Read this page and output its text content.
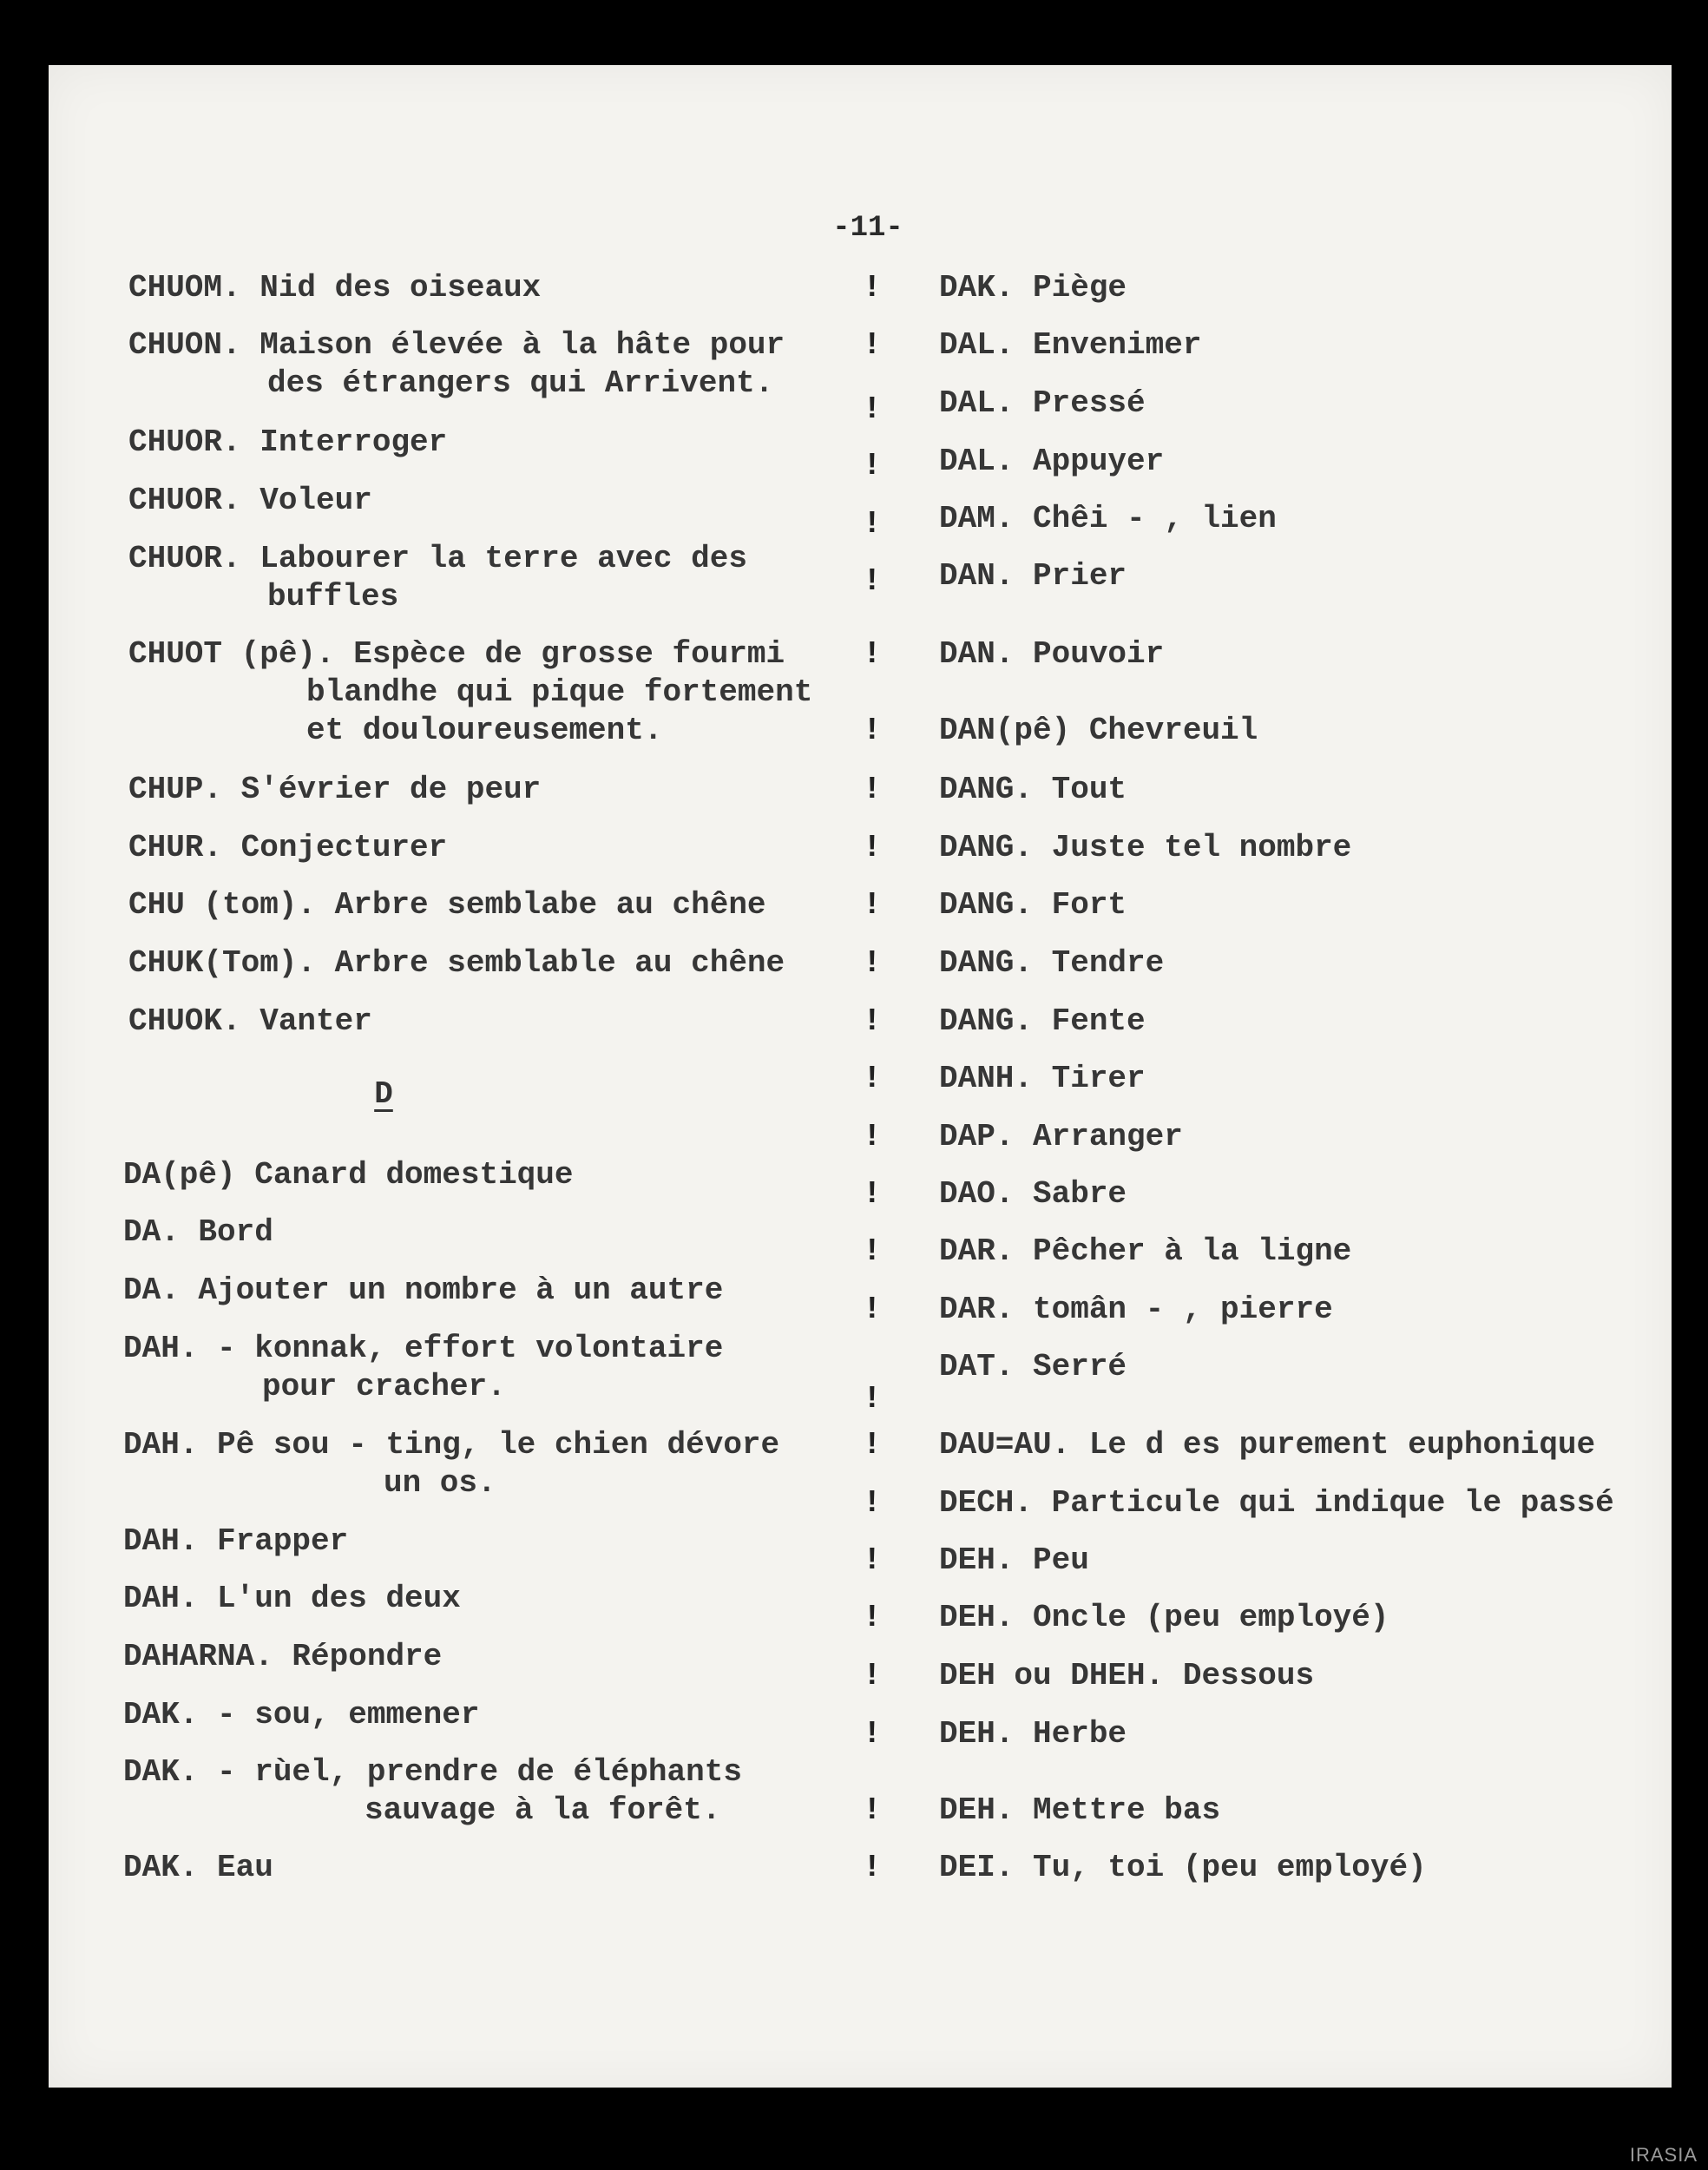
-11-
CHUOM. Nid des oiseaux
CHUON. Maison élevée à la hâte pour
des étrangers qui Arrivent.
CHUOR. Interroger
CHUOR. Voleur
CHUOR. Labourer la terre avec des
buffles
CHUOT (pê). Espèce de grosse fourmi
blandhe qui pique fortement
et douloureusement.
CHUP. S'évrier de peur
CHUR. Conjecturer
CHU (tom). Arbre semblabe au chêne
CHUK(Tom). Arbre semblable au chêne
CHUOK. Vanter
DA(pê) Canard domestique
DA. Bord
DA. Ajouter un nombre à un autre
DAH. - konnak, effort volontaire
pour cracher.
DAH. Pê sou - ting, le chien dévore
un os.
DAH. Frapper
DAH. L'un des deux
DAHARNA. Répondre
DAK. - sou, emmener
DAK. - rùel, prendre de éléphants
sauvage à la forêt.
DAK. Eau
D
DAK. Piège
DAL. Envenimer
DAL. Pressé
DAL. Appuyer
DAM. Chêi - , lien
DAN. Prier
DAN. Pouvoir
DAN(pê) Chevreuil
DANG. Tout
DANG. Juste tel nombre
DANG. Fort
DANG. Tendre
DANG. Fente
DANH. Tirer
DAP. Arranger
DAO. Sabre
DAR. Pêcher à la ligne
DAR. tomân - , pierre
DAT. Serré
DAU=AU. Le d es purement euphonique
DECH. Particule qui indique le passé
DEH. Peu
DEH. Oncle (peu employé)
DEH ou DHEH. Dessous
DEH. Herbe
DEH. Mettre bas
DEI. Tu, toi (peu employé)
!
!
!
!
!
!
!
!
!
!
!
!
!
!
!
!
!
!
!
!
!
!
!
!
!
!
!
IRASIA
